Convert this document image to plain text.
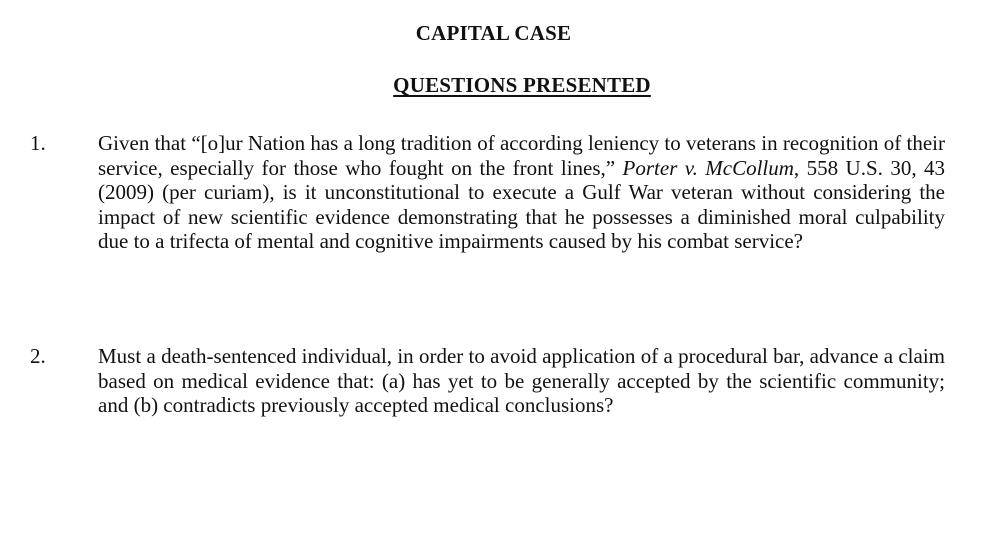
CAPITAL CASE
QUESTIONS PRESENTED
1. Given that “[o]ur Nation has a long tradition of according leniency to veterans in recognition of their service, especially for those who fought on the front lines,” Porter v. McCollum, 558 U.S. 30, 43 (2009) (per curiam), is it unconstitutional to execute a Gulf War veteran without considering the impact of new scientific evidence demonstrating that he possesses a diminished moral culpability due to a trifecta of mental and cognitive impairments caused by his combat service?

2. Must a death-sentenced individual, in order to avoid application of a procedural bar, advance a claim based on medical evidence that: (a) has yet to be generally accepted by the scientific community; and (b) contradicts previously accepted medical conclusions?
